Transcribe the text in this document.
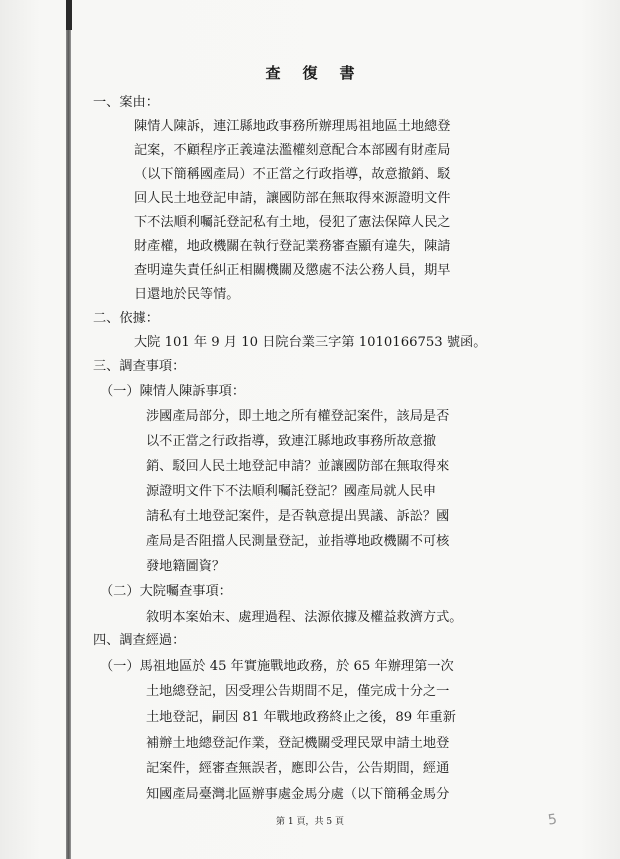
查復書
一、案由：
陳情人陳訴，連江縣地政事務所辦理馬祖地區土地總登
記案，不顧程序正義違法濫權刻意配合本部國有財產局
（以下簡稱國產局）不正當之行政指導，故意撤銷、駁
回人民土地登記申請，讓國防部在無取得來源證明文件
下不法順利囑託登記私有土地，侵犯了憲法保障人民之
財產權，地政機關在執行登記業務審查顯有違失，陳請
查明違失責任糾正相關機關及懲處不法公務人員，期早
日還地於民等情。
二、依據：
大院 101 年 9 月 10 日院台業三字第 1010166753 號函。
三、調查事項：
（一）陳情人陳訴事項：
涉國產局部分，即土地之所有權登記案件，該局是否
以不正當之行政指導，致連江縣地政事務所故意撤
銷、駁回人民土地登記申請？並讓國防部在無取得來
源證明文件下不法順利囑託登記？國產局就人民申
請私有土地登記案件，是否執意提出異議、訴訟？國
產局是否阻擋人民測量登記，並指導地政機關不可核
發地籍圖資？
（二）大院囑查事項：
敘明本案始末、處理過程、法源依據及權益救濟方式。
四、調查經過：
（一）馬祖地區於 45 年實施戰地政務，於 65 年辦理第一次
土地總登記，因受理公告期間不足，僅完成十分之一
土地登記，嗣因 81 年戰地政務終止之後，89 年重新
補辦土地總登記作業，登記機關受理民眾申請土地登
記案件，經審查無誤者，應即公告，公告期間，經通
知國產局臺灣北區辦事處金馬分處（以下簡稱金馬分
第 1 頁，共 5 頁	5
